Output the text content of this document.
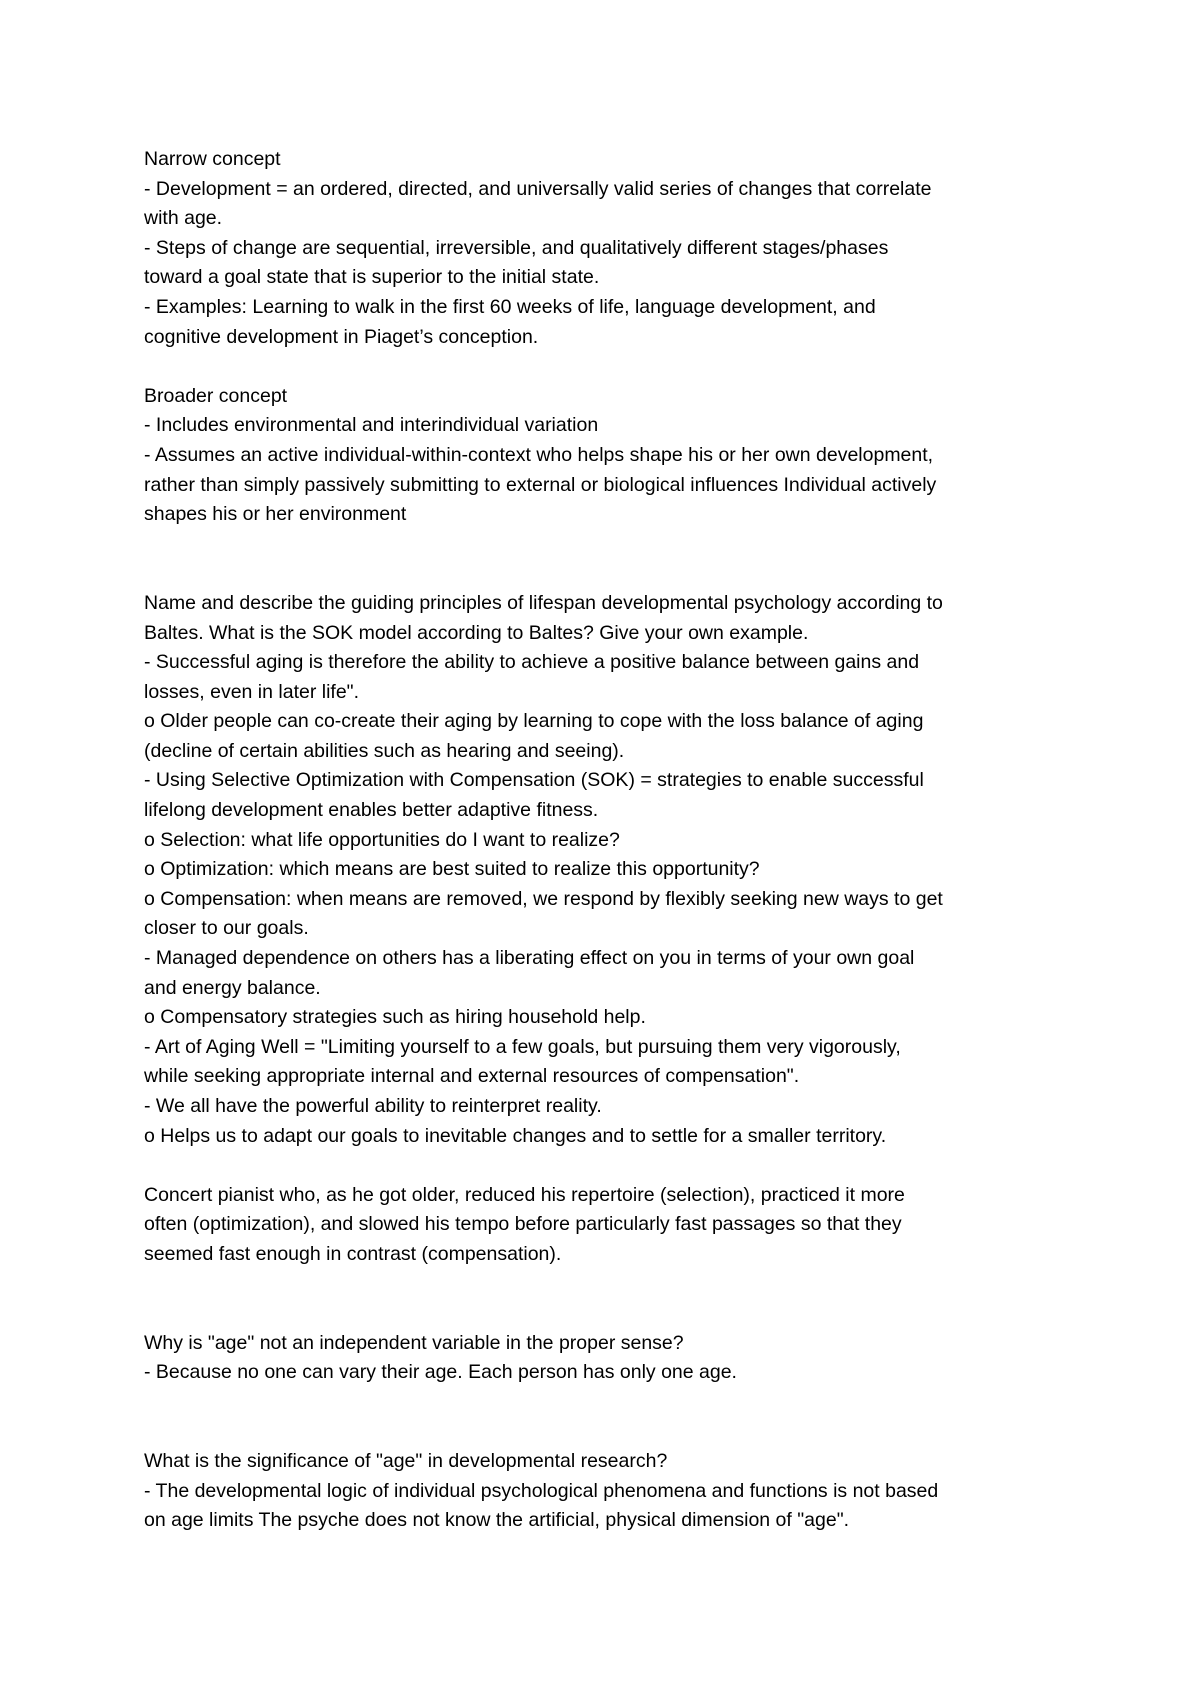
Narrow concept
- Development = an ordered, directed, and universally valid series of changes that correlate
with age.
- Steps of change are sequential, irreversible, and qualitatively different stages/phases
toward a goal state that is superior to the initial state.
- Examples: Learning to walk in the first 60 weeks of life, language development, and
cognitive development in Piaget’s conception.
Broader concept
- Includes environmental and interindividual variation
- Assumes an active individual-within-context who helps shape his or her own development,
rather than simply passively submitting to external or biological influences Individual actively
shapes his or her environment
Name and describe the guiding principles of lifespan developmental psychology according to
Baltes. What is the SOK model according to Baltes? Give your own example.
- Successful aging is therefore the ability to achieve a positive balance between gains and
losses, even in later life".
o Older people can co-create their aging by learning to cope with the loss balance of aging
(decline of certain abilities such as hearing and seeing).
- Using Selective Optimization with Compensation (SOK) = strategies to enable successful
lifelong development enables better adaptive fitness.
o Selection: what life opportunities do I want to realize?
o Optimization: which means are best suited to realize this opportunity?
o Compensation: when means are removed, we respond by flexibly seeking new ways to get
closer to our goals.
- Managed dependence on others has a liberating effect on you in terms of your own goal
and energy balance.
o Compensatory strategies such as hiring household help.
- Art of Aging Well = "Limiting yourself to a few goals, but pursuing them very vigorously,
while seeking appropriate internal and external resources of compensation".
- We all have the powerful ability to reinterpret reality.
o Helps us to adapt our goals to inevitable changes and to settle for a smaller territory.
Concert pianist who, as he got older, reduced his repertoire (selection), practiced it more
often (optimization), and slowed his tempo before particularly fast passages so that they
seemed fast enough in contrast (compensation).
Why is "age" not an independent variable in the proper sense?
- Because no one can vary their age. Each person has only one age.
What is the significance of "age" in developmental research?
- The developmental logic of individual psychological phenomena and functions is not based
on age limits The psyche does not know the artificial, physical dimension of "age".
